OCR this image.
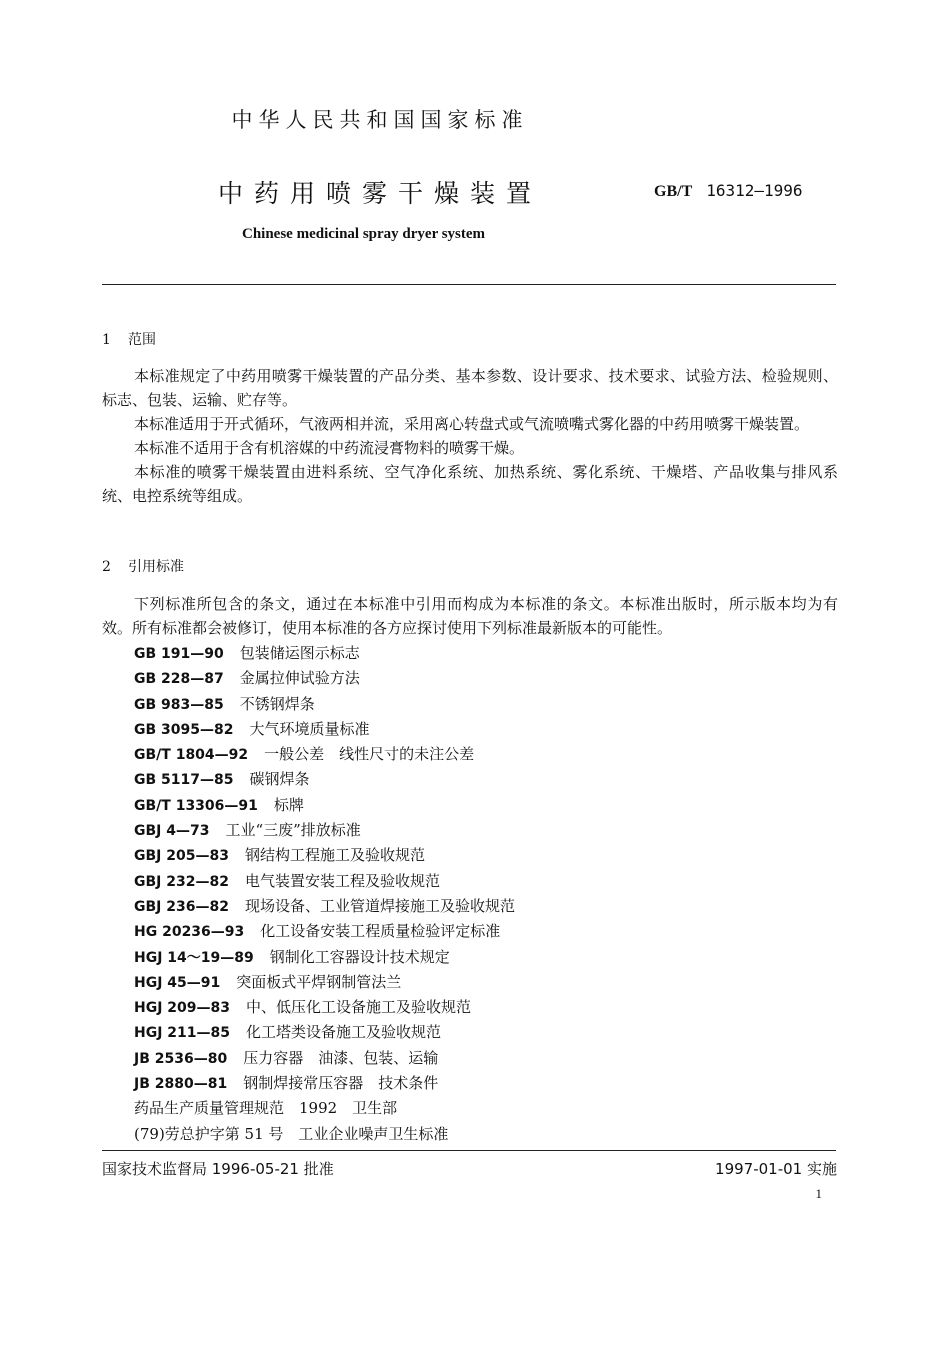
中华人民共和国国家标准
中药用喷雾干燥装置	GB/T 16312—1996
Chinese medicinal spray dryer system
1 范围

本标准规定了中药用喷雾干燥装置的产品分类、基本参数、设计要求、技术要求、试验方法、检验规则、标志、包装、运输、贮存等。

本标准适用于开式循环，气液两相并流，采用离心转盘式或气流喷嘴式雾化器的中药用喷雾干燥装置。

本标准不适用于含有机溶媒的中药流浸膏物料的喷雾干燥。

本标准的喷雾干燥装置由进料系统、空气净化系统、加热系统、雾化系统、干燥塔、产品收集与排风系统、电控系统等组成。

2 引用标准

下列标准所包含的条文，通过在本标准中引用而构成为本标准的条文。本标准出版时，所示版本均为有效。所有标准都会被修订，使用本标准的各方应探讨使用下列标准最新版本的可能性。

GB 191—90 包装储运图示标志
GB 228—87 金属拉伸试验方法
GB 983—85 不锈钢焊条
GB 3095—82 大气环境质量标准
GB/T 1804—92 一般公差　线性尺寸的未注公差
GB 5117—85 碳钢焊条
GB/T 13306—91 标牌
GBJ 4—73 工业“三废”排放标准
GBJ 205—83 钢结构工程施工及验收规范
GBJ 232—82 电气装置安装工程及验收规范
GBJ 236—82 现场设备、工业管道焊接施工及验收规范
HG 20236—93 化工设备安装工程质量检验评定标准
HGJ 14～19—89 钢制化工容器设计技术规定
HGJ 45—91 突面板式平焊钢制管法兰
HGJ 209—83 中、低压化工设备施工及验收规范
HGJ 211—85 化工塔类设备施工及验收规范
JB 2536—80 压力容器　油漆、包装、运输
JB 2880—81 钢制焊接常压容器　技术条件
药品生产质量管理规范　1992　卫生部
(79)劳总护字第 51 号　工业企业噪声卫生标准
国家技术监督局 1996-05-21 批准	1997-01-01 实施
1
